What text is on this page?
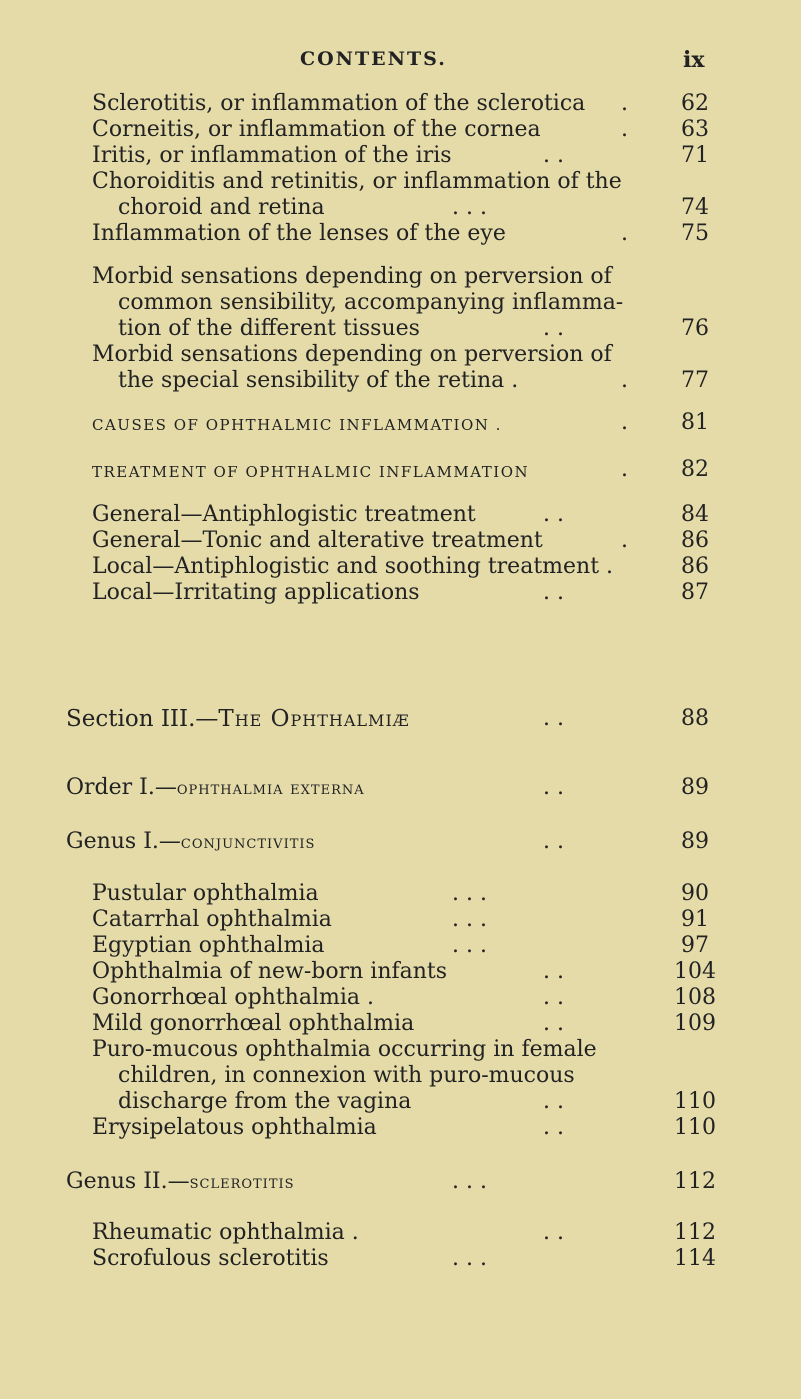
CONTENTS.	ix
Sclerotitis, or inflammation of the sclerotica .	62
Corneitis, or inflammation of the cornea	.	63
Iritis, or inflammation of the iris	. .	71
Choroiditis and retinitis, or inflammation of the
choroid and retina	. . .	74
Inflammation of the lenses of the eye	.	75
Morbid sensations depending on perversion of
common sensibility, accompanying inflamma-
tion of the different tissues	. .	76
Morbid sensations depending on perversion of
the special sensibility of the retina .	.	77
CAUSES OF OPHTHALMIC INFLAMMATION .	.	81
TREATMENT OF OPHTHALMIC INFLAMMATION	.	82
General—Antiphlogistic treatment	. .	84
General—Tonic and alterative treatment	.	86
Local—Antiphlogistic and soothing treatment .	86
Local—Irritating applications	. .	87
Section III.—The Ophthalmiæ	. .	88
Order I.—ophthalmia externa	. .	89
Genus I.—conjunctivitis	. .	89
Pustular ophthalmia	. . .	90
Catarrhal ophthalmia	. . .	91
Egyptian ophthalmia	. . .	97
Ophthalmia of new-born infants	. .	104
Gonorrhœal ophthalmia .	. .	108
Mild gonorrhœal ophthalmia	. .	109
Puro-mucous ophthalmia occurring in female
children, in connexion with puro-mucous
discharge from the vagina	. .	110
Erysipelatous ophthalmia	. .	110
Genus II.—sclerotitis	. . .	112
Rheumatic ophthalmia .	. .	112
Scrofulous sclerotitis	. . .	114
